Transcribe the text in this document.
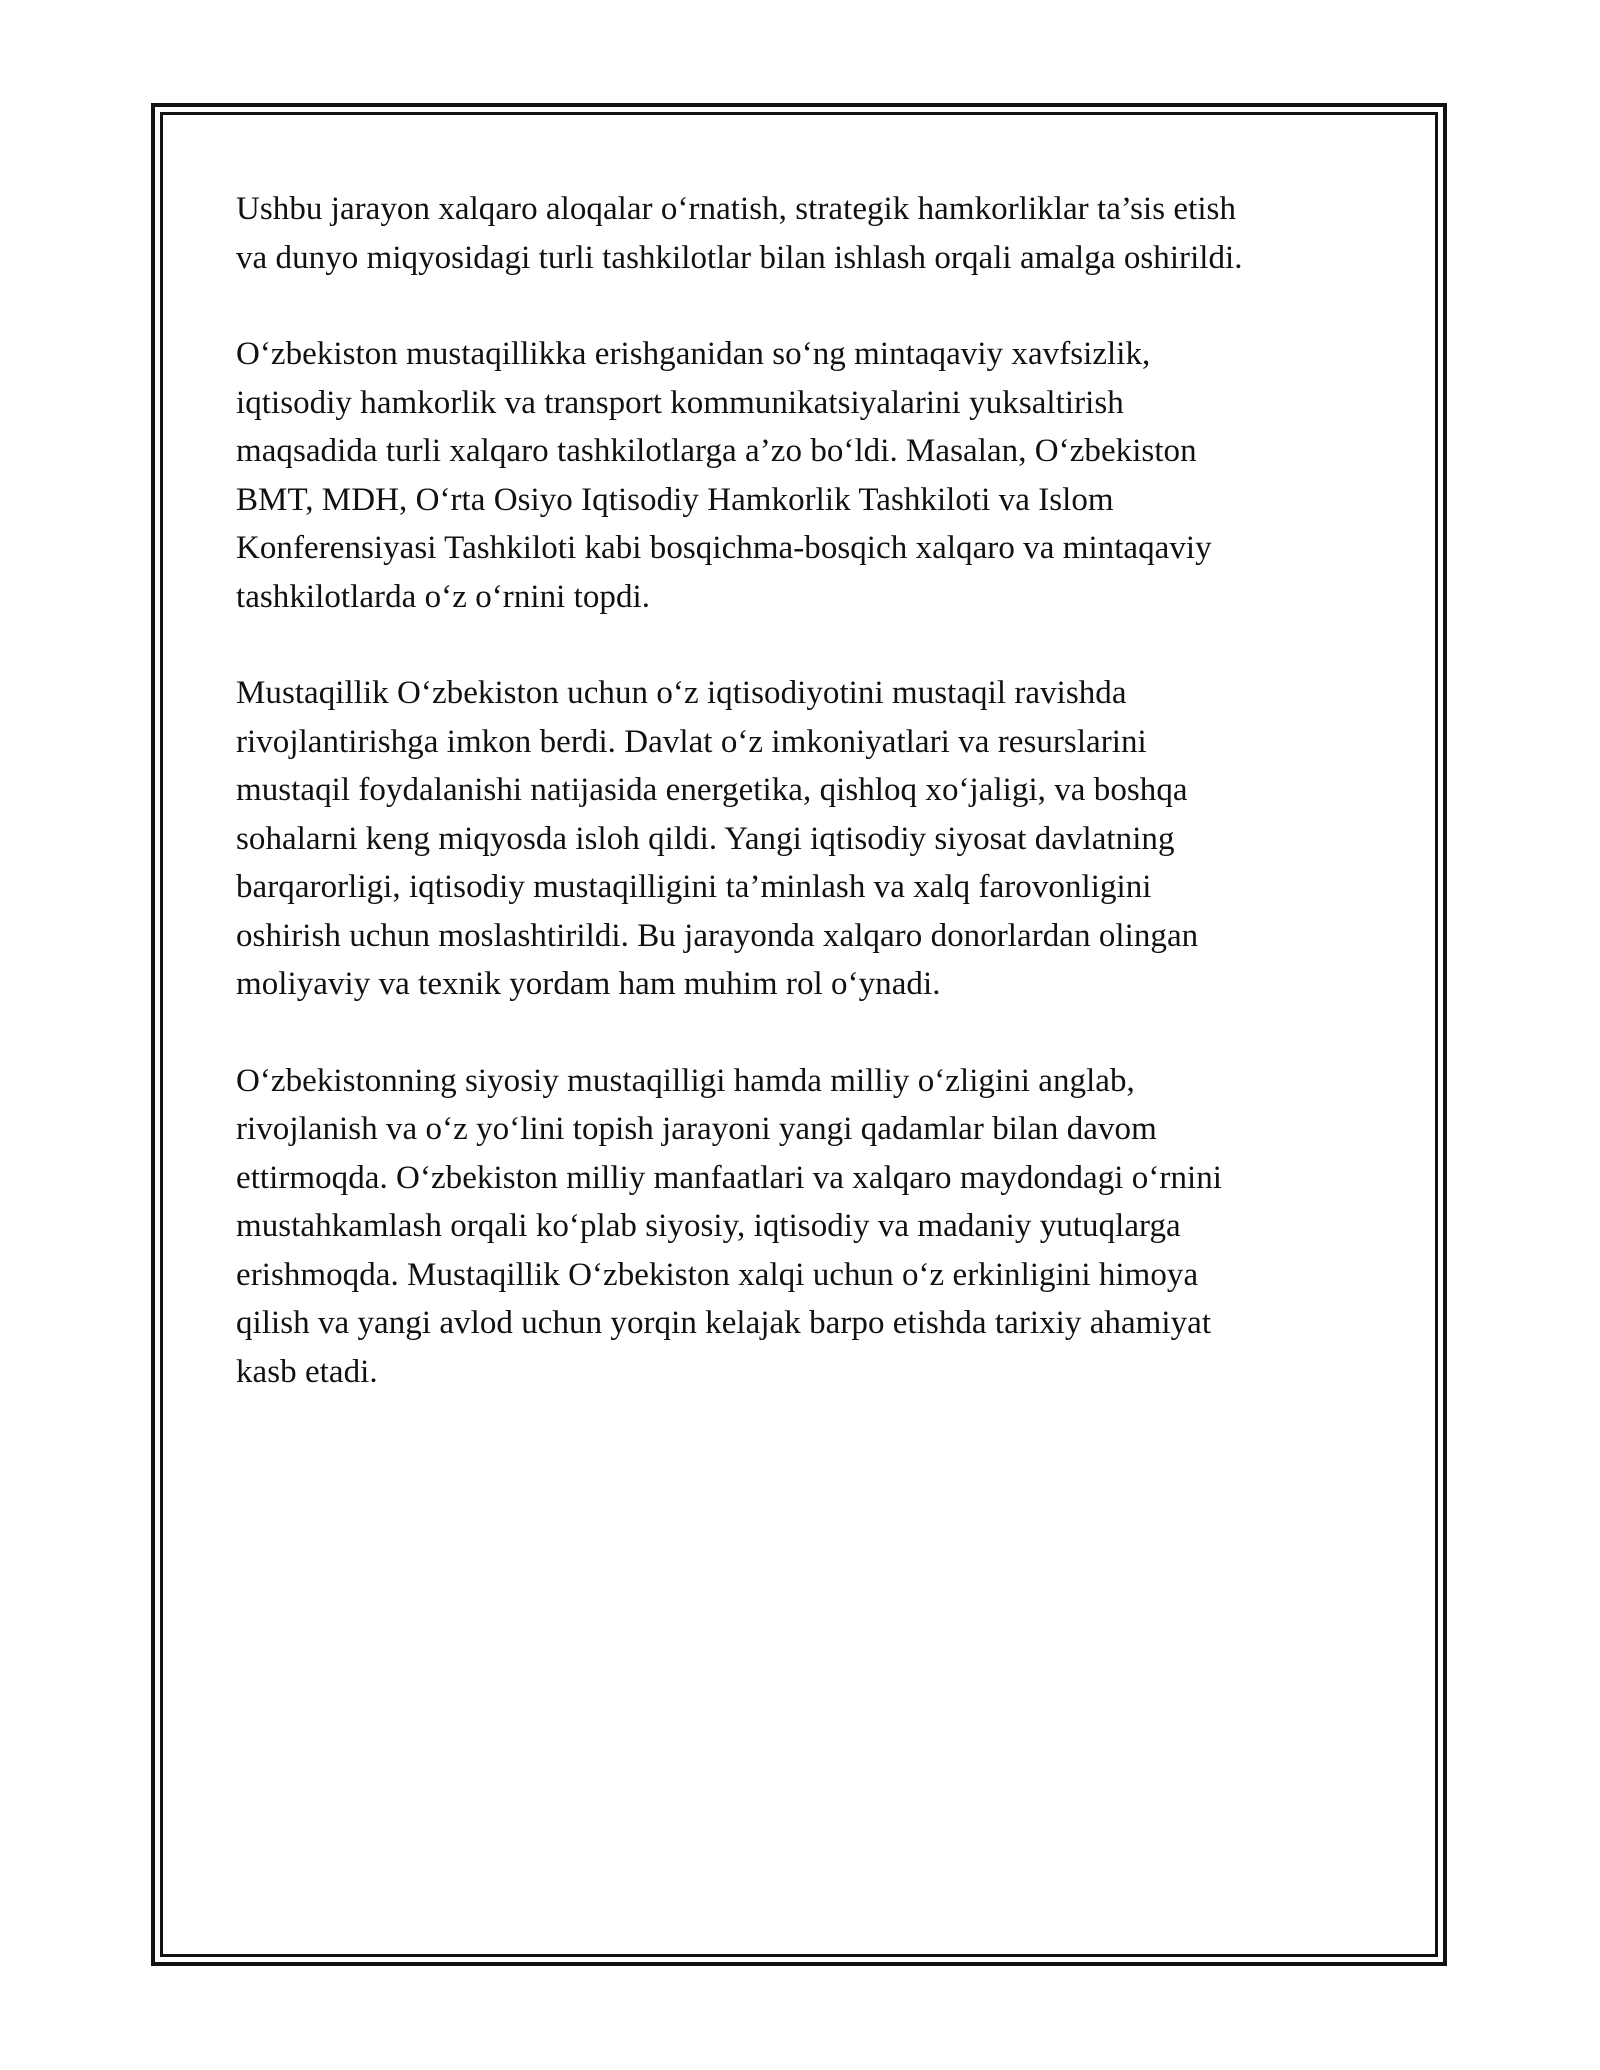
Ushbu jarayon xalqaro aloqalar o‘rnatish, strategik hamkorliklar ta’sis etish
va dunyo miqyosidagi turli tashkilotlar bilan ishlash orqali amalga oshirildi.

O‘zbekiston mustaqillikka erishganidan so‘ng mintaqaviy xavfsizlik,
iqtisodiy hamkorlik va transport kommunikatsiyalarini yuksaltirish
maqsadida turli xalqaro tashkilotlarga a’zo bo‘ldi. Masalan, O‘zbekiston
BMT, MDH, O‘rta Osiyo Iqtisodiy Hamkorlik Tashkiloti va Islom
Konferensiyasi Tashkiloti kabi bosqichma-bosqich xalqaro va mintaqaviy
tashkilotlarda o‘z o‘rnini topdi.

Mustaqillik O‘zbekiston uchun o‘z iqtisodiyotini mustaqil ravishda
rivojlantirishga imkon berdi. Davlat o‘z imkoniyatlari va resurslarini
mustaqil foydalanishi natijasida energetika, qishloq xo‘jaligi, va boshqa
sohalarni keng miqyosda isloh qildi. Yangi iqtisodiy siyosat davlatning
barqarorligi, iqtisodiy mustaqilligini ta’minlash va xalq farovonligini
oshirish uchun moslashtirildi. Bu jarayonda xalqaro donorlardan olingan
moliyaviy va texnik yordam ham muhim rol o‘ynadi.

O‘zbekistonning siyosiy mustaqilligi hamda milliy o‘zligini anglab,
rivojlanish va o‘z yo‘lini topish jarayoni yangi qadamlar bilan davom
ettirmoqda. O‘zbekiston milliy manfaatlari va xalqaro maydondagi o‘rnini
mustahkamlash orqali ko‘plab siyosiy, iqtisodiy va madaniy yutuqlarga
erishmoqda. Mustaqillik O‘zbekiston xalqi uchun o‘z erkinligini himoya
qilish va yangi avlod uchun yorqin kelajak barpo etishda tarixiy ahamiyat
kasb etadi.
